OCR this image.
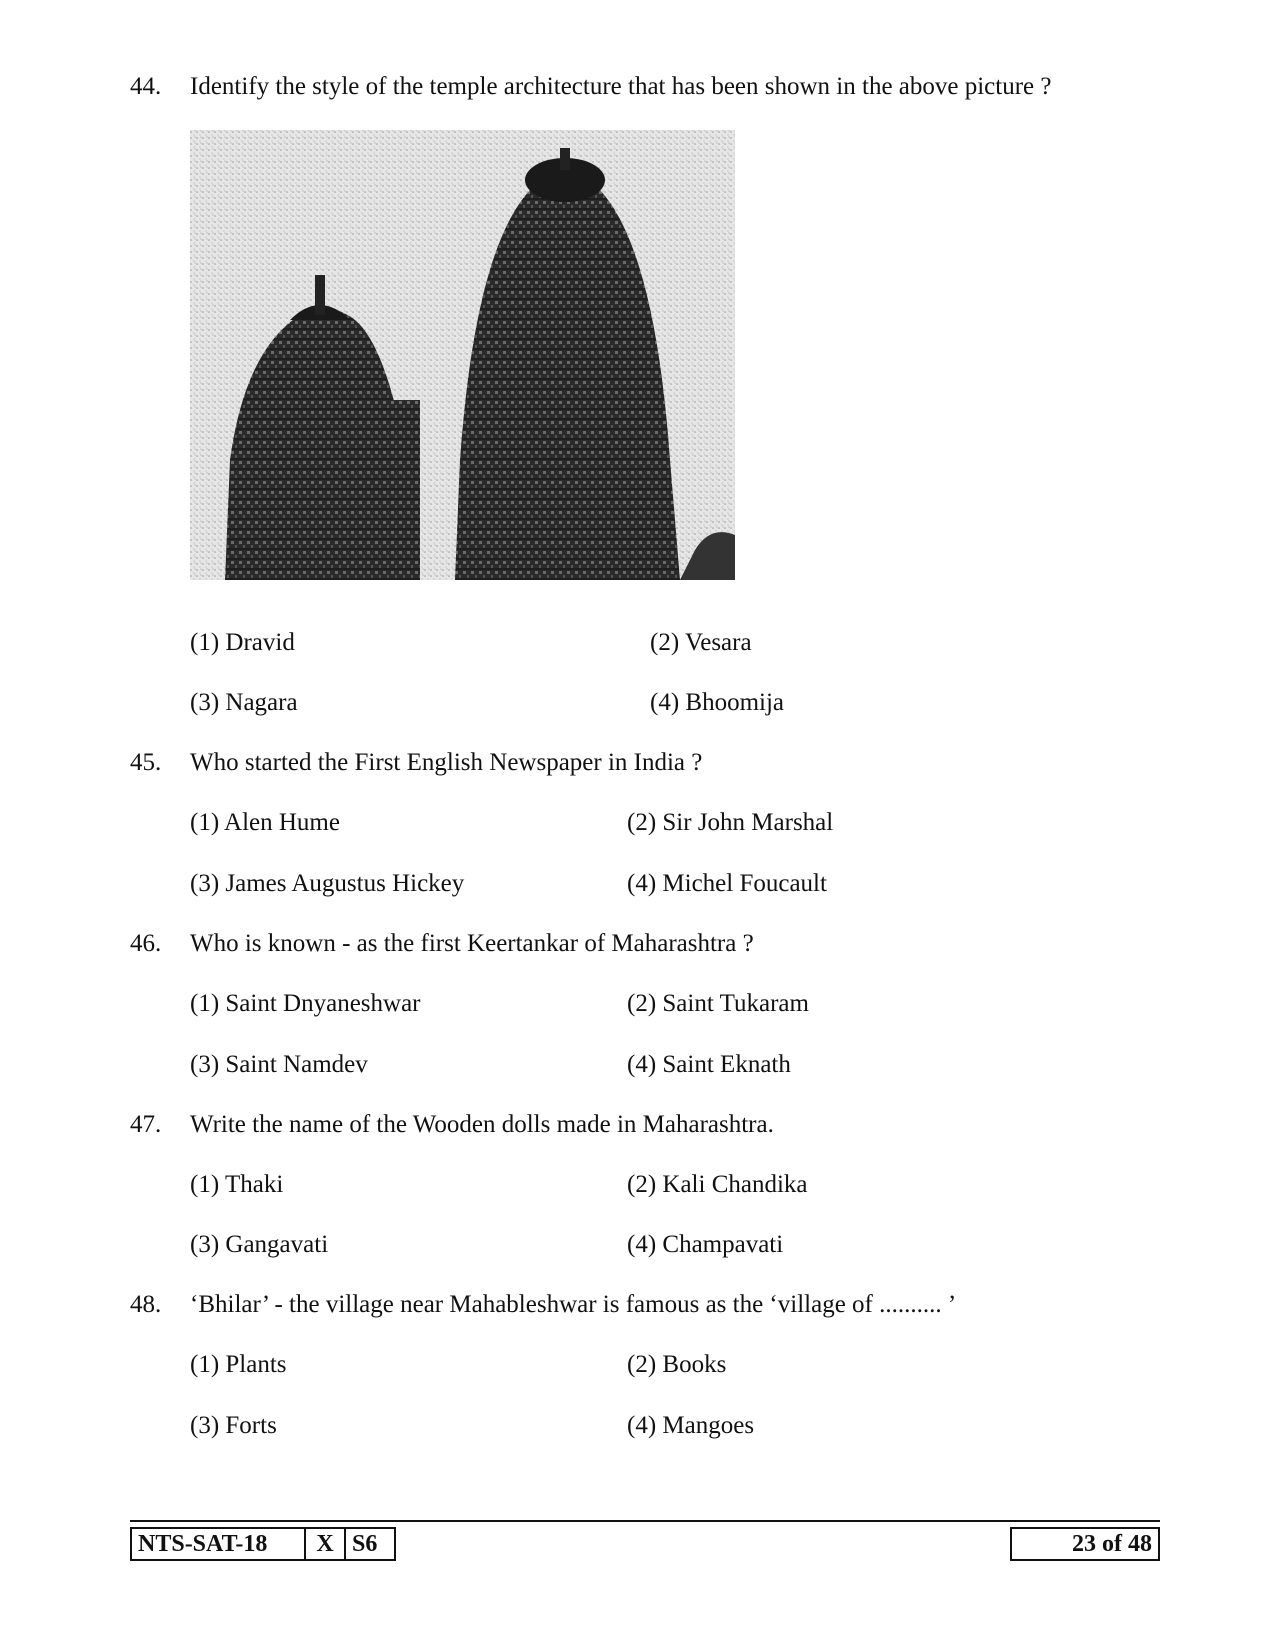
44. Identify the style of the temple architecture that has been shown in the above picture ?
(1) Dravid	(2) Vesara
(3) Nagara	(4) Bhoomija
45. Who started the First English Newspaper in India ?
(1) Alen Hume	(2) Sir John Marshal
(3) James Augustus Hickey	(4) Michel Foucault
46. Who is known - as the first Keertankar of Maharashtra ?
(1) Saint Dnyaneshwar	(2) Saint Tukaram
(3) Saint Namdev	(4) Saint Eknath
47. Write the name of the Wooden dolls made in Maharashtra.
(1) Thaki	(2) Kali Chandika
(3) Gangavati	(4) Champavati
48. ‘Bhilar’ - the village near Mahableshwar is famous as the ‘village of .......... ’
(1) Plants	(2) Books
(3) Forts	(4) Mangoes
NTS-SAT-18	X S6	23 of 48
